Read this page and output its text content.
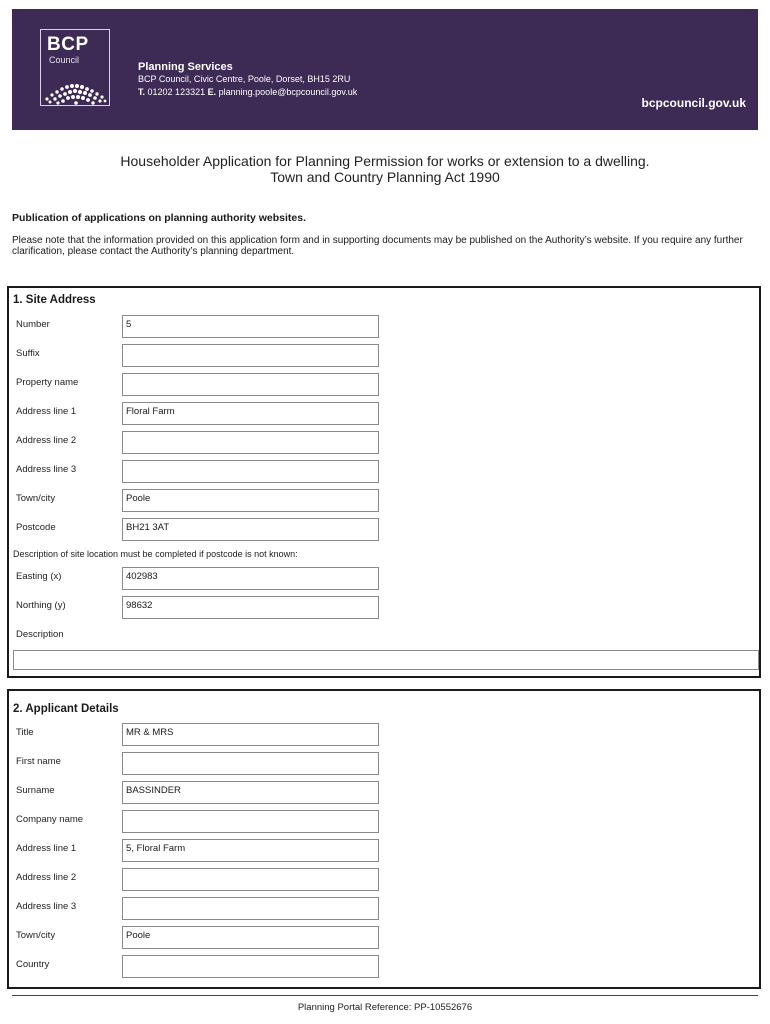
BCP
Council
Planning Services
BCP Council, Civic Centre, Poole, Dorset, BH15 2RU
T. 01202 123321 E. planning.poole@bcpcouncil.gov.uk
bcpcouncil.gov.uk
Householder Application for Planning Permission for works or extension to a dwelling.
Town and Country Planning Act 1990
Publication of applications on planning authority websites.
Please note that the information provided on this application form and in supporting documents may be published on the Authority’s website. If you require any further clarification, please contact the Authority’s planning department.
1. Site Address
Number	5
Suffix
Property name
Address line 1	Floral Farm
Address line 2
Address line 3
Town/city	Poole
Postcode	BH21 3AT
Description of site location must be completed if postcode is not known:
Easting (x)	402983
Northing (y)	98632
Description
2. Applicant Details
Title	MR & MRS
First name
Surname	BASSINDER
Company name
Address line 1	5, Floral Farm
Address line 2
Address line 3
Town/city	Poole
Country
Planning Portal Reference: PP-10552676
